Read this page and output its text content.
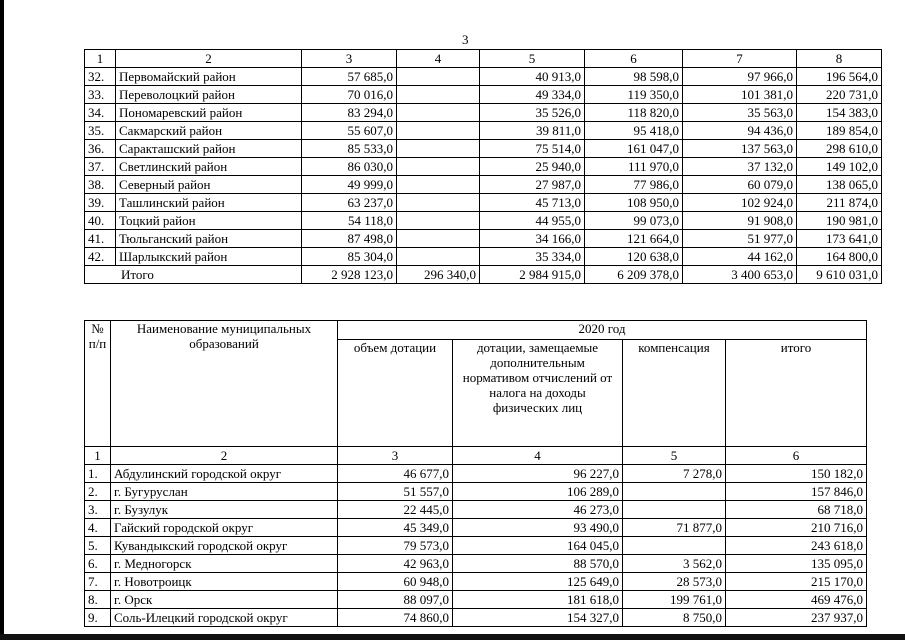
3
1	2	3	4	5	6	7	8
32.	Первомайский район	57 685,0		40 913,0	98 598,0	97 966,0	196 564,0
33.	Переволоцкий район	70 016,0		49 334,0	119 350,0	101 381,0	220 731,0
34.	Пономаревский район	83 294,0		35 526,0	118 820,0	35 563,0	154 383,0
35.	Сакмарский район	55 607,0		39 811,0	95 418,0	94 436,0	189 854,0
36.	Саракташский район	85 533,0		75 514,0	161 047,0	137 563,0	298 610,0
37.	Светлинский район	86 030,0		25 940,0	111 970,0	37 132,0	149 102,0
38.	Северный район	49 999,0		27 987,0	77 986,0	60 079,0	138 065,0
39.	Ташлинский район	63 237,0		45 713,0	108 950,0	102 924,0	211 874,0
40.	Тоцкий район	54 118,0		44 955,0	99 073,0	91 908,0	190 981,0
41.	Тюльганский район	87 498,0		34 166,0	121 664,0	51 977,0	173 641,0
42.	Шарлыкский район	85 304,0		35 334,0	120 638,0	44 162,0	164 800,0
Итого		2 928 123,0	296 340,0	2 984 915,0	6 209 378,0	3 400 653,0	9 610 031,0
№ п/п	Наименование муниципальных образований	2020 год			
		объем дотации	дотации, замещаемые дополнительным нормативом отчислений от налога на доходы физических лиц	компенсация	итого
1	2	3	4	5	6
1.	Абдулинский городской округ	46 677,0	96 227,0	7 278,0	150 182,0
2.	г. Бугуруслан	51 557,0	106 289,0		157 846,0
3.	г. Бузулук	22 445,0	46 273,0		68 718,0
4.	Гайский городской округ	45 349,0	93 490,0	71 877,0	210 716,0
5.	Кувандыкский городской округ	79 573,0	164 045,0		243 618,0
6.	г. Медногорск	42 963,0	88 570,0	3 562,0	135 095,0
7.	г. Новотроицк	60 948,0	125 649,0	28 573,0	215 170,0
8.	г. Орск	88 097,0	181 618,0	199 761,0	469 476,0
9.	Соль-Илецкий городской округ	74 860,0	154 327,0	8 750,0	237 937,0
